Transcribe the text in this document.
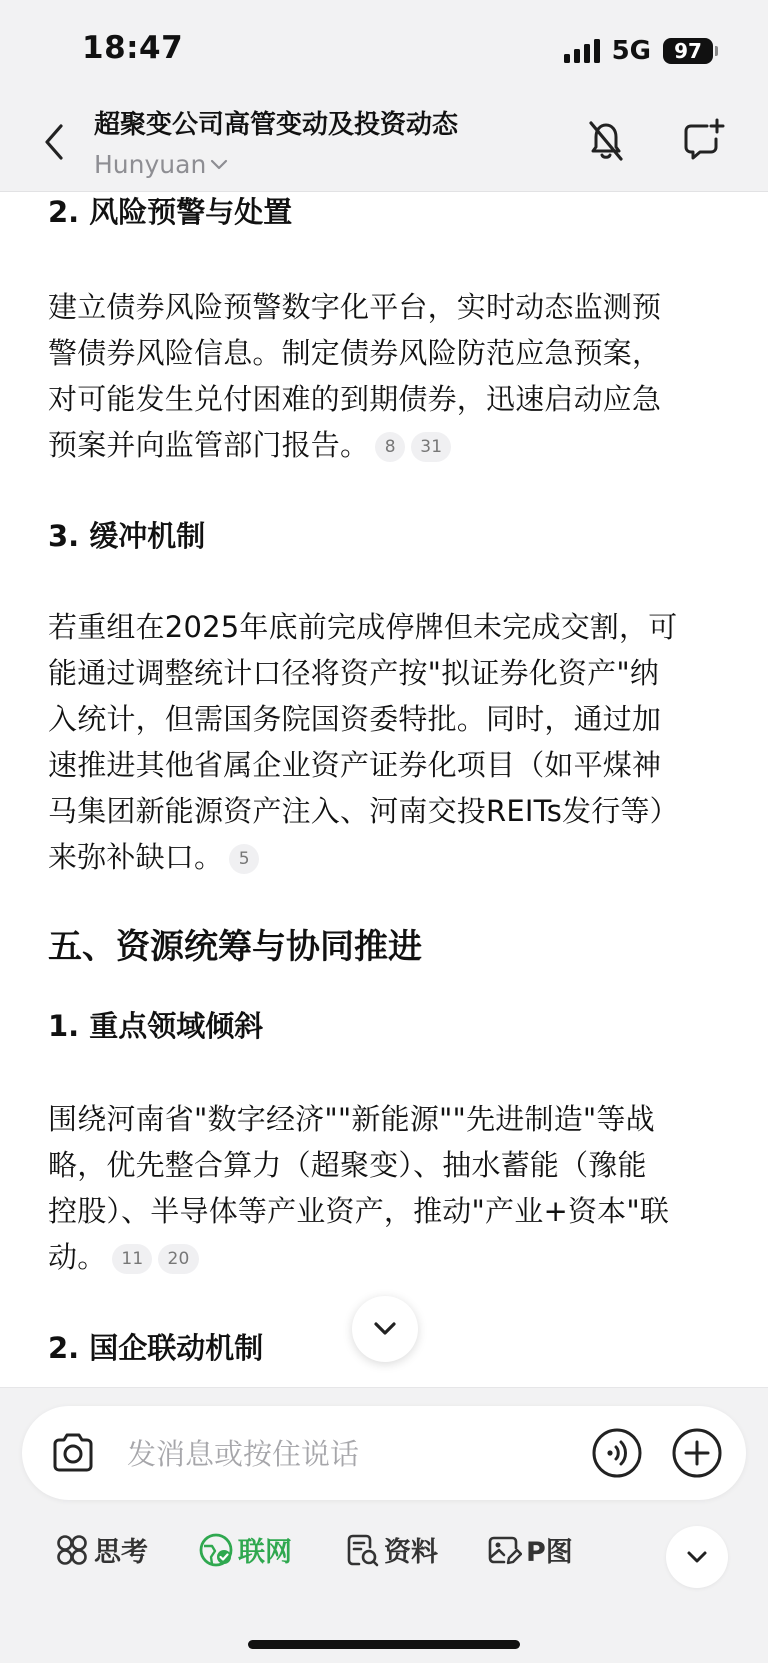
18:47	5G	97
超聚变公司高管变动及投资动态
Hunyuan
2. 风险预警与处置
建立债券风险预警数字化平台，实时动态监测预
警债券风险信息。制定债券风险防范应急预案，
对可能发生兑付困难的到期债券，迅速启动应急
预案并向监管部门报告。 8 31
3. 缓冲机制
若重组在2025年底前完成停牌但未完成交割，可
能通过调整统计口径将资产按"拟证券化资产"纳
入统计，但需国务院国资委特批。同时，通过加
速推进其他省属企业资产证券化项目（如平煤神
马集团新能源资产注入、河南交投REITs发行等）
来弥补缺口。 5
五、资源统筹与协同推进
1. 重点领域倾斜
围绕河南省"数字经济""新能源""先进制造"等战
略，优先整合算力（超聚变）、抽水蓄能（豫能
控股）、半导体等产业资产，推动"产业+资本"联
动。 11 20
2. 国企联动机制
发消息或按住说话
思考	联网	资料	P图
